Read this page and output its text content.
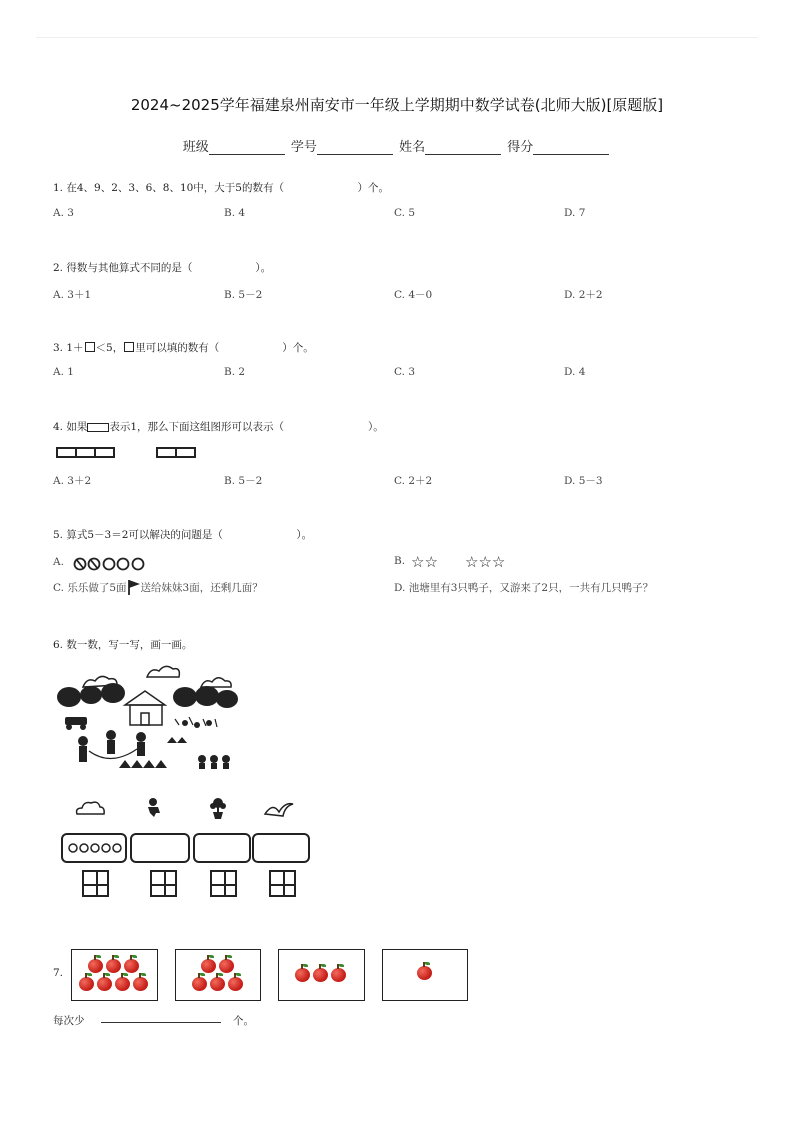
2024~2025学年福建泉州南安市一年级上学期期中数学试卷(北师大版)[原题版]
班级	学号	姓名	得分
1. 在4、9、2、3、6、8、10中，大于5的数有（　　　　　　　）个。
A. 3	B. 4	C. 5	D. 7
2. 得数与其他算式不同的是（　　　　　　）。
A. 3＋1	B. 5－2	C. 4－0	D. 2＋2
3. 1＋ ＜5， 里可以填的数有（　　　　　　）个。
A. 1	B. 2	C. 3	D. 4
4. 如果 表示1，那么下面这组图形可以表示（　　　　　　　　）。
A. 3＋2	B. 5－2	C. 2＋2	D. 5－3
5. 算式5－3＝2可以解决的问题是（　　　　　　　）。
A.	B. ☆☆ ☆☆☆
C. 乐乐做了5面 送给妹妹3面，还剩几面？	D. 池塘里有3只鸭子，又游来了2只，一共有几只鸭子？
6. 数一数，写一写，画一画。
7.
每次少	个。
